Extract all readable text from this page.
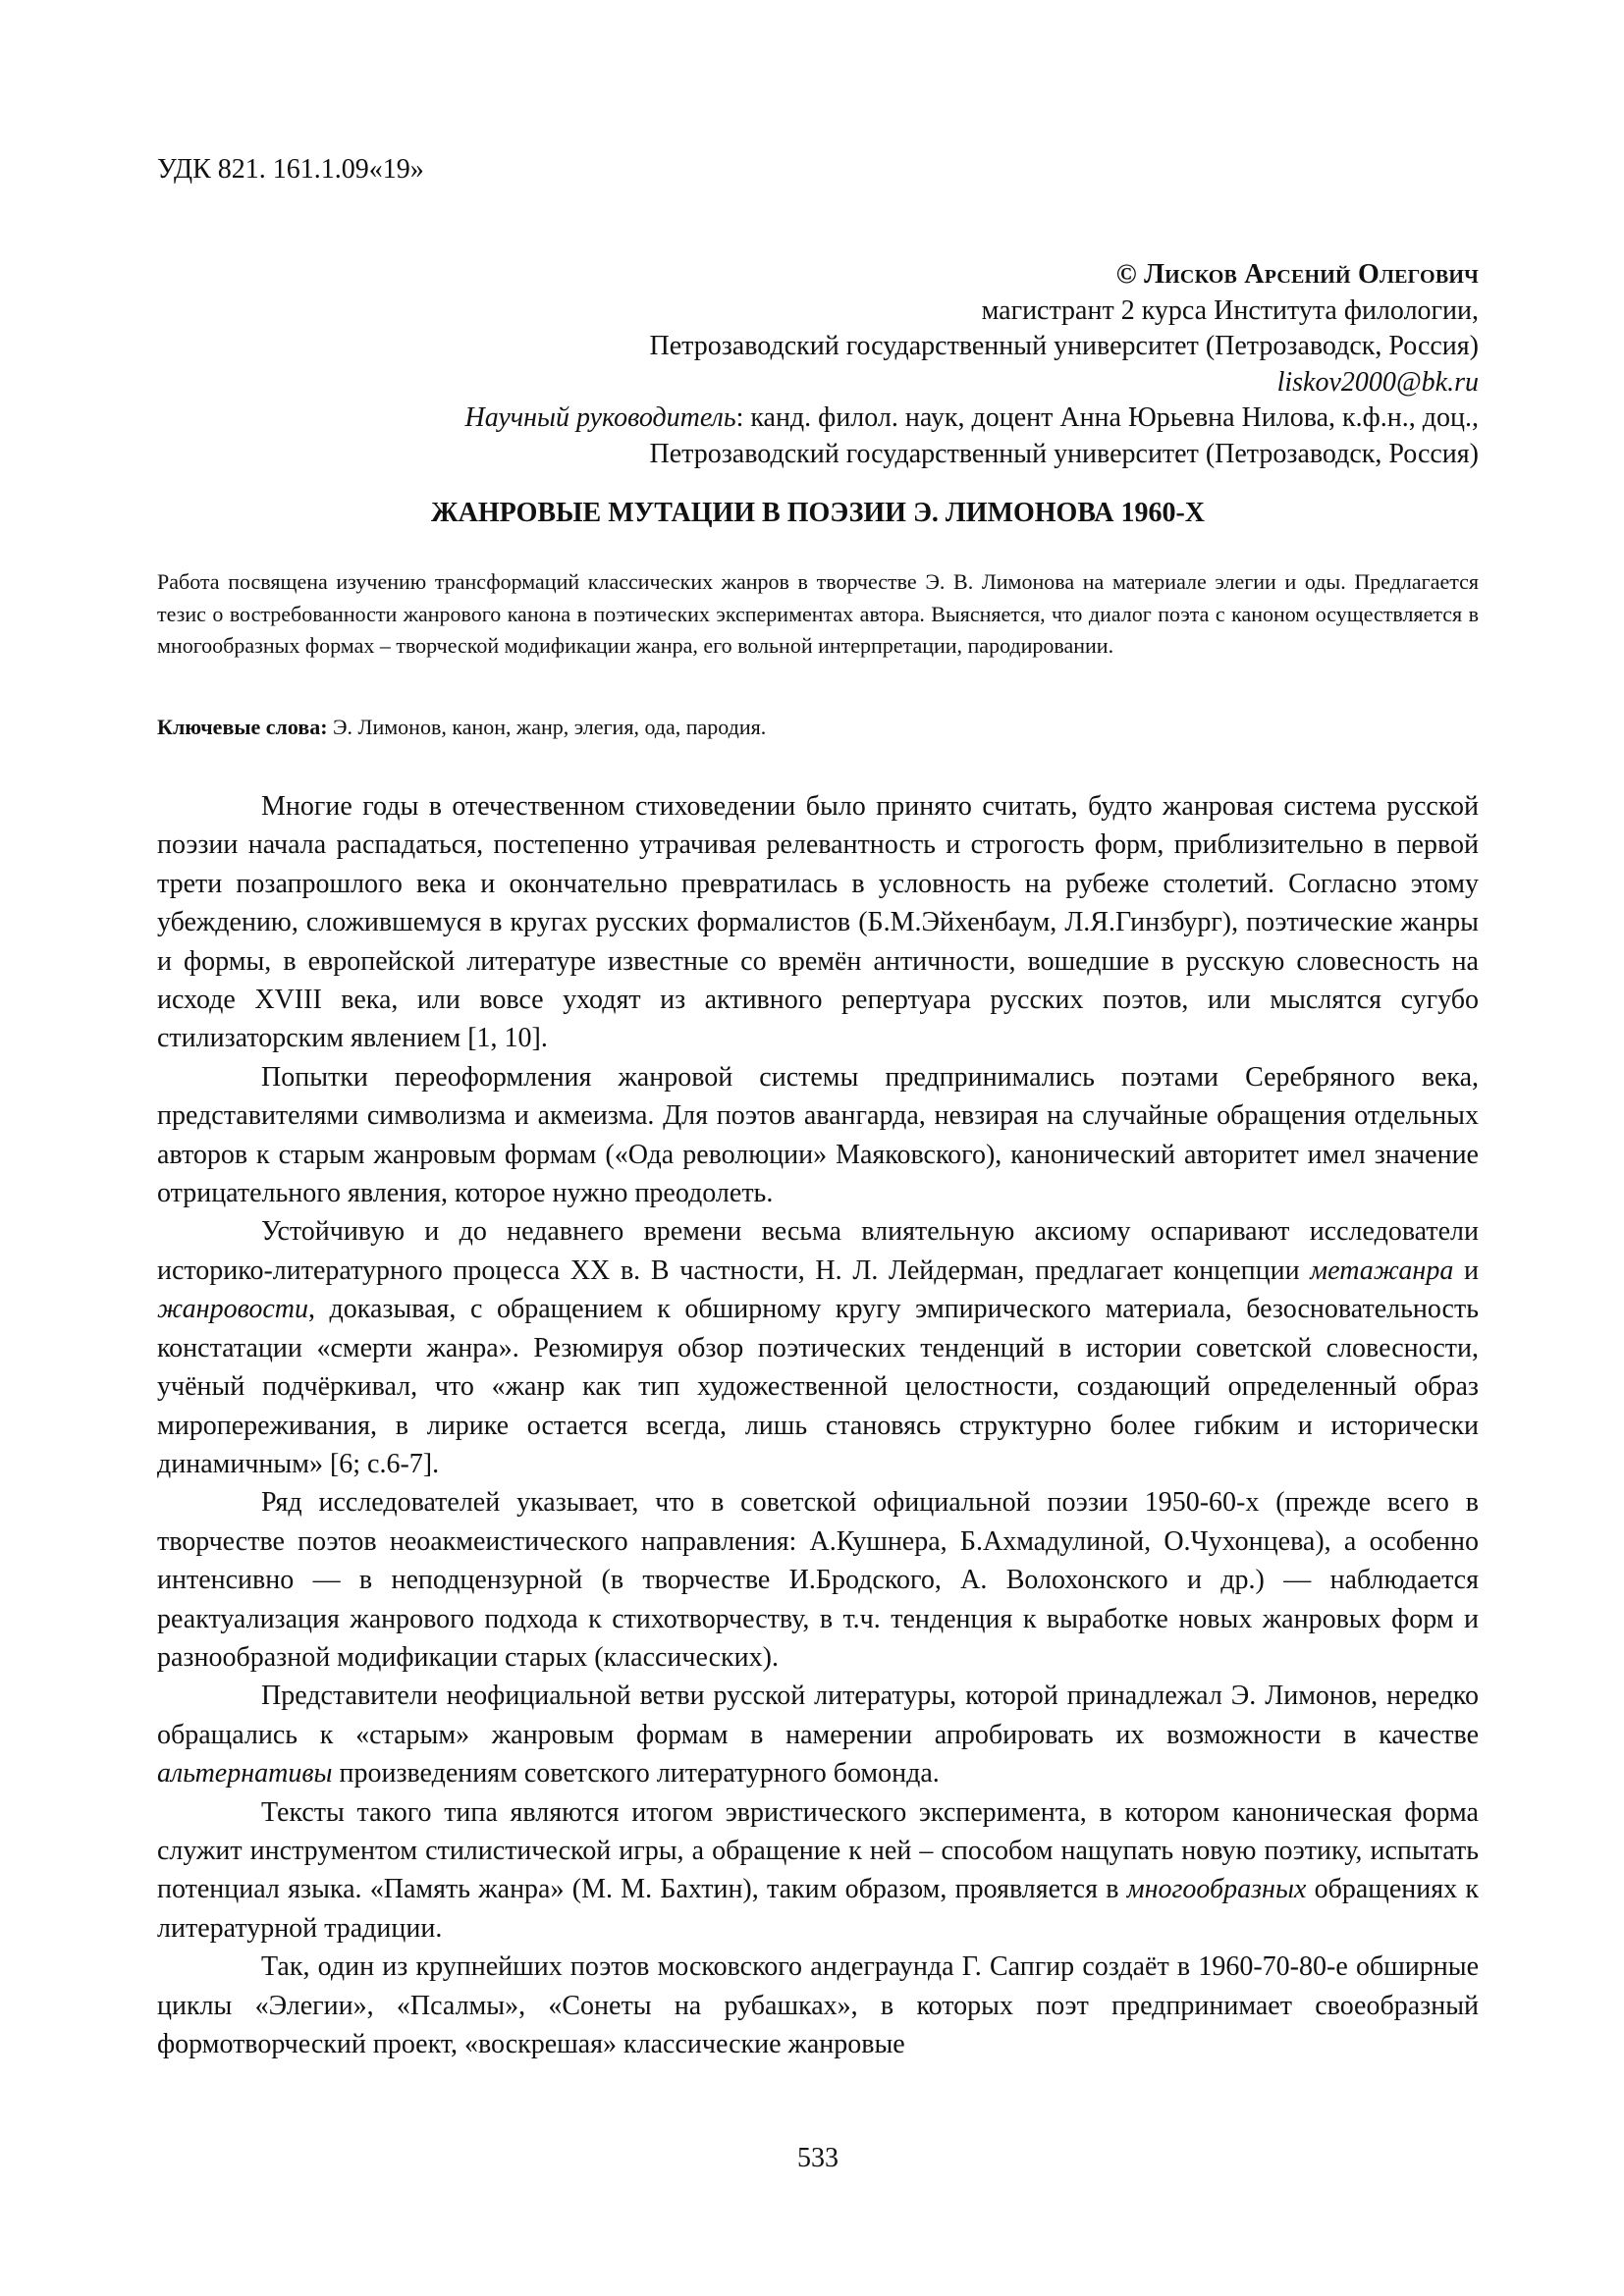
УДК 821. 161.1.09«19»
© Лисков Арсений Олегович
магистрант 2 курса Института филологии,
Петрозаводский государственный университет (Петрозаводск, Россия)
liskov2000@bk.ru
Научный руководитель: канд. филол. наук, доцент Анна Юрьевна Нилова, к.ф.н., доц.,
Петрозаводский государственный университет (Петрозаводск, Россия)
ЖАНРОВЫЕ МУТАЦИИ В ПОЭЗИИ Э. ЛИМОНОВА 1960-Х
Работа посвящена изучению трансформаций классических жанров в творчестве Э. В. Лимонова на материале элегии и оды. Предлагается тезис о востребованности жанрового канона в поэтических экспериментах автора. Выясняется, что диалог поэта с каноном осуществляется в многообразных формах – творческой модификации жанра, его вольной интерпретации, пародировании.
Ключевые слова: Э. Лимонов, канон, жанр, элегия, ода, пародия.

Многие годы в отечественном стиховедении было принято считать, будто жанровая система русской поэзии начала распадаться, постепенно утрачивая релевантность и строгость форм, приблизительно в первой трети позапрошлого века и окончательно превратилась в условность на рубеже столетий. Согласно этому убеждению, сложившемуся в кругах русских формалистов (Б.М.Эйхенбаум, Л.Я.Гинзбург), поэтические жанры и формы, в европейской литературе известные со времён античности, вошедшие в русскую словесность на исходе XVIII века, или вовсе уходят из активного репертуара русских поэтов, или мыслятся сугубо стилизаторским явлением [1, 10].

Попытки переоформления жанровой системы предпринимались поэтами Серебряного века, представителями символизма и акмеизма. Для поэтов авангарда, невзирая на случайные обращения отдельных авторов к старым жанровым формам («Ода революции» Маяковского), канонический авторитет имел значение отрицательного явления, которое нужно преодолеть.

Устойчивую и до недавнего времени весьма влиятельную аксиому оспаривают исследователи историко-литературного процесса XX в. В частности, Н. Л. Лейдерман, предлагает концепции метажанра и жанровости, доказывая, с обращением к обширному кругу эмпирического материала, безосновательность констатации «смерти жанра». Резюмируя обзор поэтических тенденций в истории советской словесности, учёный подчёркивал, что «жанр как тип художественной целостности, создающий определенный образ миропереживания, в лирике остается всегда, лишь становясь структурно более гибким и исторически динамичным» [6; с.6-7].

Ряд исследователей указывает, что в советской официальной поэзии 1950-60-х (прежде всего в творчестве поэтов неоакмеистического направления: А.Кушнера, Б.Ахмадулиной, О.Чухонцева), а особенно интенсивно — в неподцензурной (в творчестве И.Бродского, А. Волохонского и др.) — наблюдается реактуализация жанрового подхода к стихотворчеству, в т.ч. тенденция к выработке новых жанровых форм и разнообразной модификации старых (классических).

Представители неофициальной ветви русской литературы, которой принадлежал Э. Лимонов, нередко обращались к «старым» жанровым формам в намерении апробировать их возможности в качестве альтернативы произведениям советского литературного бомонда.

Тексты такого типа являются итогом эвристического эксперимента, в котором каноническая форма служит инструментом стилистической игры, а обращение к ней – способом нащупать новую поэтику, испытать потенциал языка. «Память жанра» (М. М. Бахтин), таким образом, проявляется в многообразных обращениях к литературной традиции.

Так, один из крупнейших поэтов московского андеграунда Г. Сапгир создаёт в 1960-70-80-е обширные циклы «Элегии», «Псалмы», «Сонеты на рубашках», в которых поэт предпринимает своеобразный формотворческий проект, «воскрешая» классические жанровые

533
